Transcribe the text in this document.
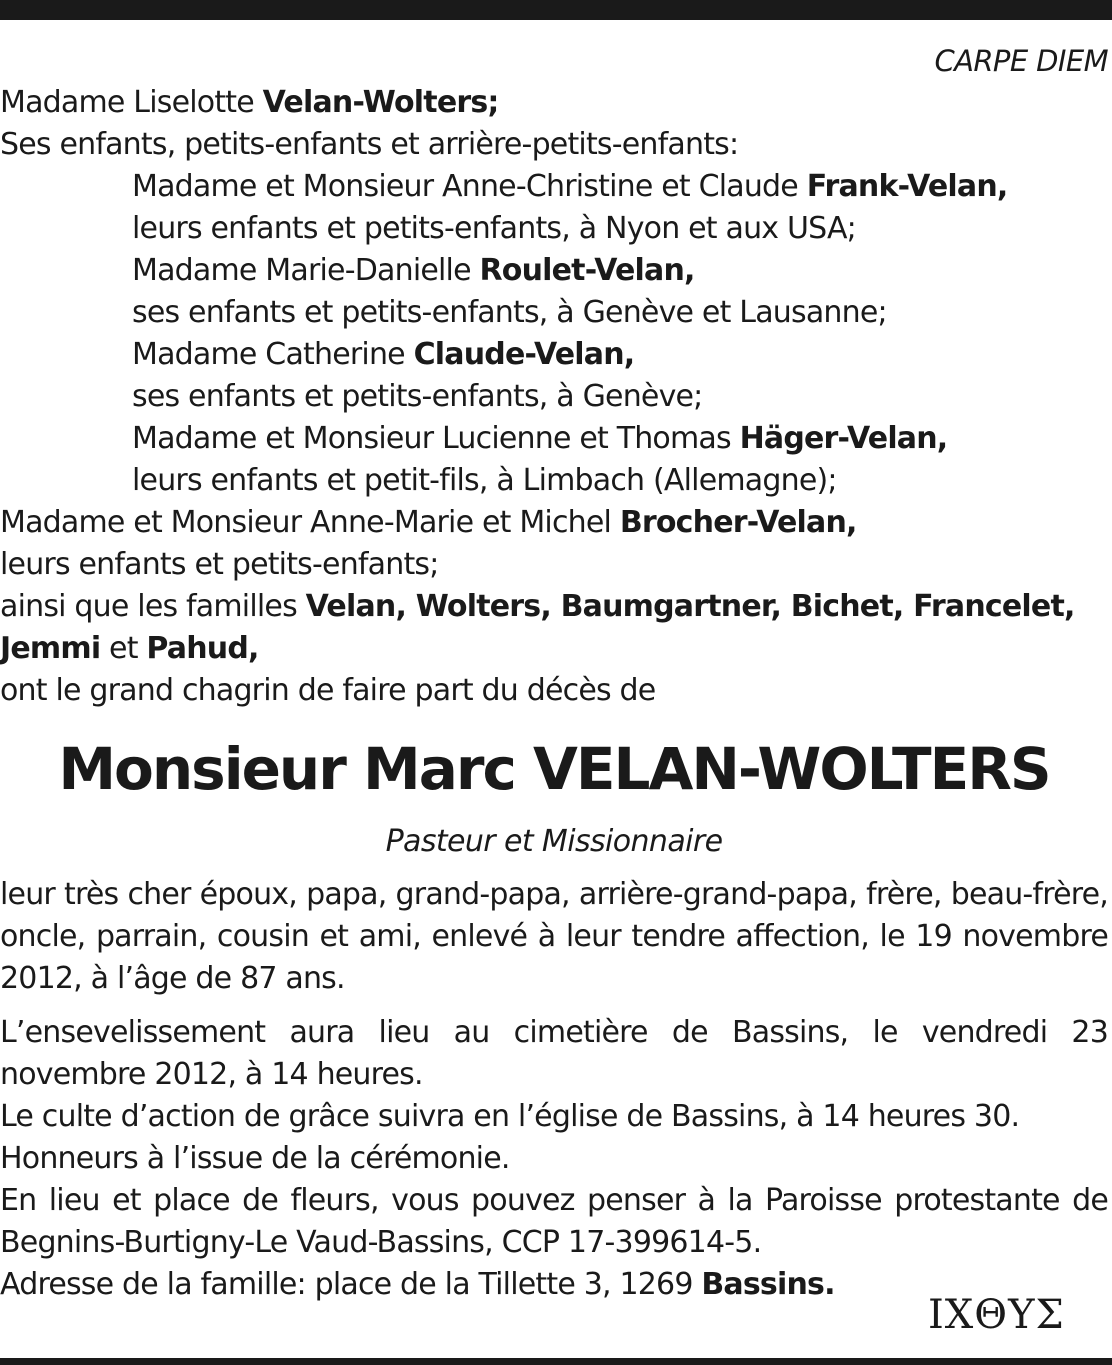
CARPE DIEM
Madame Liselotte Velan-Wolters;
Ses enfants, petits-enfants et arrière-petits-enfants:
Madame et Monsieur Anne-Christine et Claude Frank-Velan,
leurs enfants et petits-enfants, à Nyon et aux USA;
Madame Marie-Danielle Roulet-Velan,
ses enfants et petits-enfants, à Genève et Lausanne;
Madame Catherine Claude-Velan,
ses enfants et petits-enfants, à Genève;
Madame et Monsieur Lucienne et Thomas Häger-Velan,
leurs enfants et petit-fils, à Limbach (Allemagne);
Madame et Monsieur Anne-Marie et Michel Brocher-Velan,
leurs enfants et petits-enfants;
ainsi que les familles Velan, Wolters, Baumgartner, Bichet, Francelet,
Jemmi et Pahud,
ont le grand chagrin de faire part du décès de
Monsieur Marc VELAN-WOLTERS
Pasteur et Missionnaire
leur très cher époux, papa, grand-papa, arrière-grand-papa, frère, beau-frère, oncle, parrain, cousin et ami, enlevé à leur tendre affection, le 19 novembre 2012, à l’âge de 87 ans.
L’ensevelissement aura lieu au cimetière de Bassins, le vendredi 23 novembre 2012, à 14 heures.
Le culte d’action de grâce suivra en l’église de Bassins, à 14 heures 30.
Honneurs à l’issue de la cérémonie.
En lieu et place de fleurs, vous pouvez penser à la Paroisse protestante de Begnins-Burtigny-Le Vaud-Bassins, CCP 17-399614-5.
Adresse de la famille: place de la Tillette 3, 1269 Bassins.
ΙΧΘΥΣ
